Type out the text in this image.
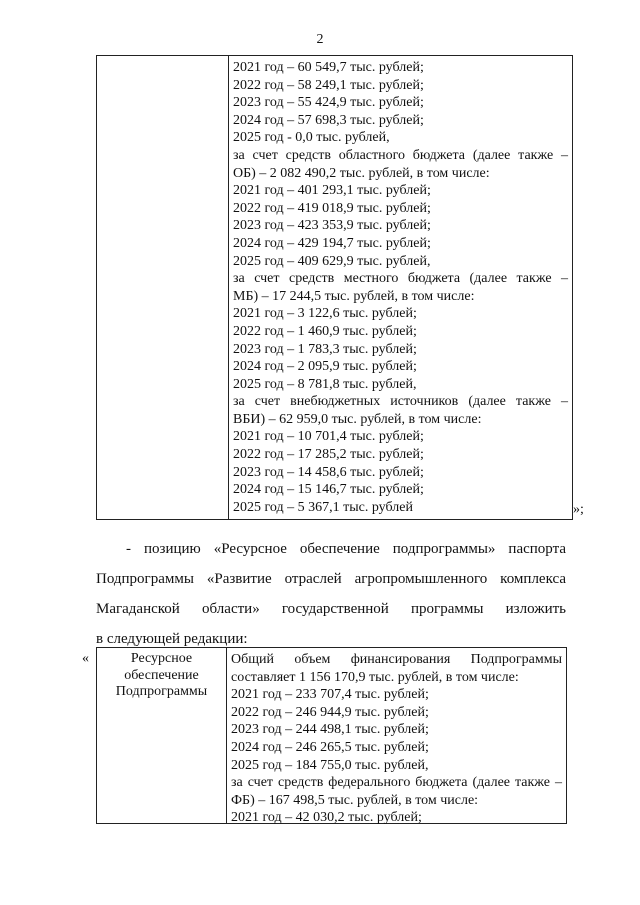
2
2021 год – 60 549,7 тыс. рублей;
2022 год – 58 249,1 тыс. рублей;
2023 год – 55 424,9 тыс. рублей;
2024 год – 57 698,3 тыс. рублей;
2025 год - 0,0 тыс. рублей,
за счет средств областного бюджета (далее также –
ОБ) – 2 082 490,2 тыс. рублей, в том числе:
2021 год – 401 293,1 тыс. рублей;
2022 год – 419 018,9 тыс. рублей;
2023 год – 423 353,9 тыс. рублей;
2024 год – 429 194,7 тыс. рублей;
2025 год – 409 629,9 тыс. рублей,
за счет средств местного бюджета (далее также –
МБ) – 17 244,5 тыс. рублей, в том числе:
2021 год – 3 122,6 тыс. рублей;
2022 год – 1 460,9 тыс. рублей;
2023 год – 1 783,3 тыс. рублей;
2024 год – 2 095,9 тыс. рублей;
2025 год – 8 781,8 тыс. рублей,
за счет внебюджетных источников (далее также –
ВБИ) – 62 959,0 тыс. рублей, в том числе:
2021 год – 10 701,4 тыс. рублей;
2022 год – 17 285,2 тыс. рублей;
2023 год – 14 458,6 тыс. рублей;
2024 год – 15 146,7 тыс. рублей;
2025 год – 5 367,1 тыс. рублей	»;
- позицию «Ресурсное обеспечение подпрограммы» паспорта
Подпрограммы «Развитие отраслей агропромышленного комплекса
Магаданской области» государственной программы изложить
в следующей редакции:
«	Ресурсное
обеспечение
Подпрограммы
Общий объем финансирования Подпрограммы
составляет 1 156 170,9 тыс. рублей, в том числе:
2021 год – 233 707,4 тыс. рублей;
2022 год – 246 944,9 тыс. рублей;
2023 год – 244 498,1 тыс. рублей;
2024 год – 246 265,5 тыс. рублей;
2025 год – 184 755,0 тыс. рублей,
за счет средств федерального бюджета (далее также –
ФБ) – 167 498,5 тыс. рублей, в том числе:
2021 год – 42 030,2 тыс. рублей;
